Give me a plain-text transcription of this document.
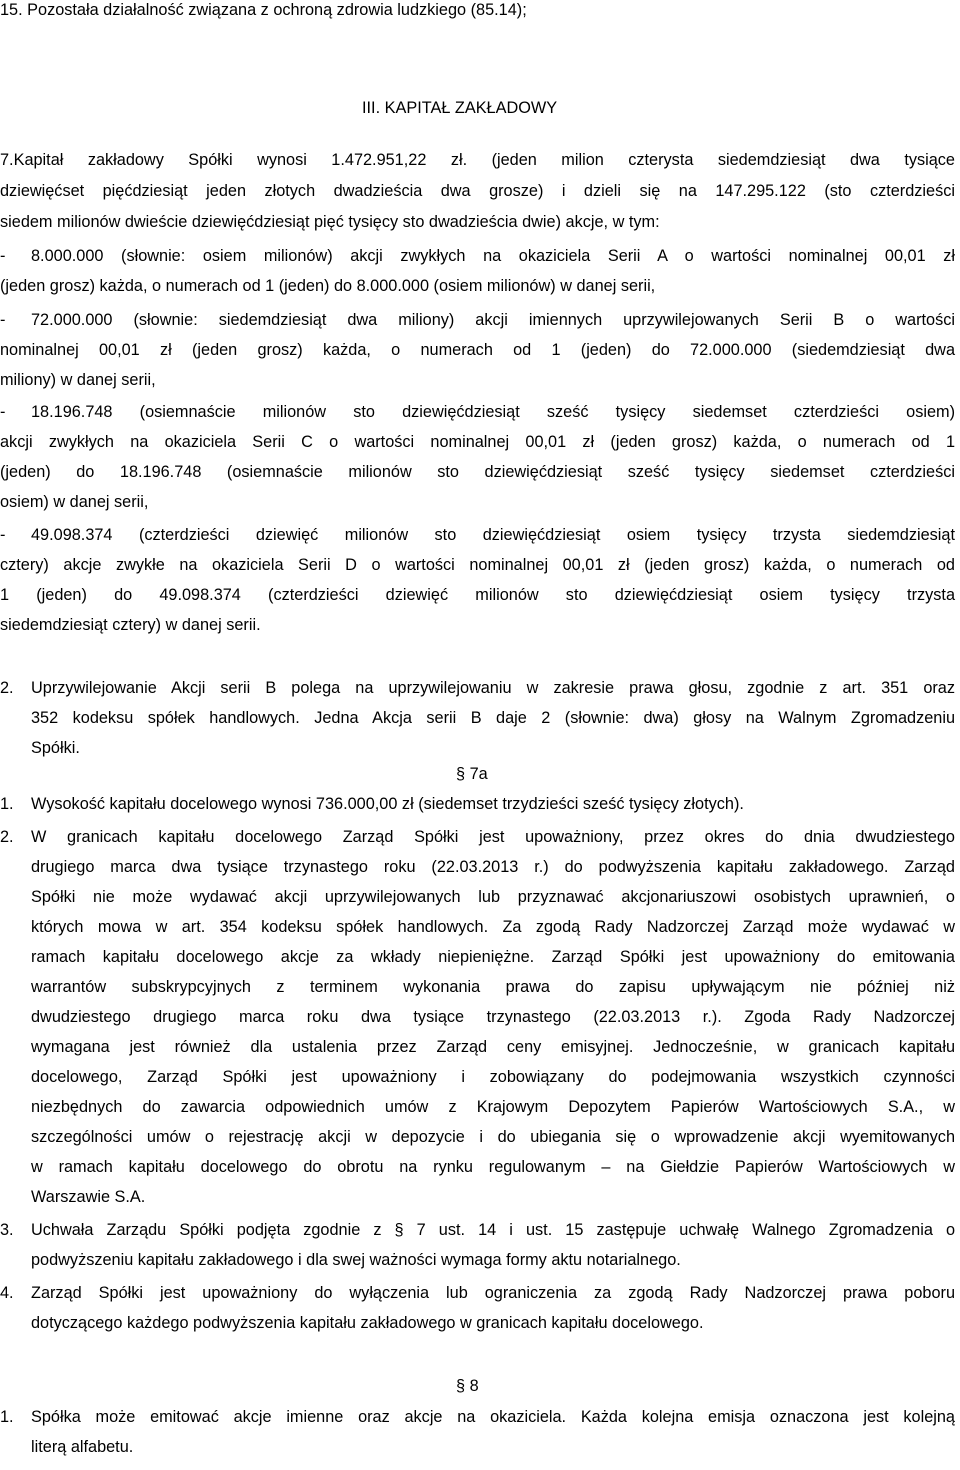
15. Pozostała działalność związana z ochroną zdrowia ludzkiego (85.14);
III. KAPITAŁ ZAKŁADOWY
7.Kapitał zakładowy Spółki wynosi 1.472.951,22 zł. (jeden milion czterysta siedemdziesiąt dwa tysiące
dziewięćset pięćdziesiąt jeden złotych dwadzieścia dwa grosze) i dzieli się na 147.295.122 (sto czterdzieści
siedem milionów dwieście dziewięćdziesiąt pięć tysięcy sto dwadzieścia dwie) akcje, w tym:
- 8.000.000 (słownie: osiem milionów) akcji zwykłych na okaziciela Serii A o wartości nominalnej 00,01 zł
(jeden grosz) każda, o numerach od 1 (jeden) do 8.000.000 (osiem milionów) w danej serii,
- 72.000.000 (słownie: siedemdziesiąt dwa miliony) akcji imiennych uprzywilejowanych Serii B o wartości
nominalnej 00,01 zł (jeden grosz) każda, o numerach od 1 (jeden) do 72.000.000 (siedemdziesiąt dwa
miliony) w danej serii,
- 18.196.748 (osiemnaście milionów sto dziewięćdziesiąt sześć tysięcy siedemset czterdzieści osiem)
akcji zwykłych na okaziciela Serii C o wartości nominalnej 00,01 zł (jeden grosz) każda, o numerach od 1
(jeden) do 18.196.748 (osiemnaście milionów sto dziewięćdziesiąt sześć tysięcy siedemset czterdzieści
osiem) w danej serii,
- 49.098.374 (czterdzieści dziewięć milionów sto dziewięćdziesiąt osiem tysięcy trzysta siedemdziesiąt
cztery) akcje zwykłe na okaziciela Serii D o wartości nominalnej 00,01 zł (jeden grosz) każda, o numerach od
1 (jeden) do 49.098.374 (czterdzieści dziewięć milionów sto dziewięćdziesiąt osiem tysięcy trzysta
siedemdziesiąt cztery) w danej serii.
2. Uprzywilejowanie Akcji serii B polega na uprzywilejowaniu w zakresie prawa głosu, zgodnie z art. 351 oraz
352 kodeksu spółek handlowych. Jedna Akcja serii B daje 2 (słownie: dwa) głosy na Walnym Zgromadzeniu
Spółki.
§ 7a
1. Wysokość kapitału docelowego wynosi 736.000,00 zł (siedemset trzydzieści sześć tysięcy złotych).
2. W granicach kapitału docelowego Zarząd Spółki jest upoważniony, przez okres do dnia dwudziestego
drugiego marca dwa tysiące trzynastego roku (22.03.2013 r.) do podwyższenia kapitału zakładowego. Zarząd
Spółki nie może wydawać akcji uprzywilejowanych lub przyznawać akcjonariuszowi osobistych uprawnień, o
których mowa w art. 354 kodeksu spółek handlowych. Za zgodą Rady Nadzorczej Zarząd może wydawać w
ramach kapitału docelowego akcje za wkłady niepieniężne. Zarząd Spółki jest upoważniony do emitowania
warrantów subskrypcyjnych z terminem wykonania prawa do zapisu upływającym nie później niż
dwudziestego drugiego marca roku dwa tysiące trzynastego (22.03.2013 r.). Zgoda Rady Nadzorczej
wymagana jest również dla ustalenia przez Zarząd ceny emisyjnej. Jednocześnie, w granicach kapitału
docelowego, Zarząd Spółki jest upoważniony i zobowiązany do podejmowania wszystkich czynności
niezbędnych do zawarcia odpowiednich umów z Krajowym Depozytem Papierów Wartościowych S.A., w
szczególności umów o rejestrację akcji w depozycie i do ubiegania się o wprowadzenie akcji wyemitowanych
w ramach kapitału docelowego do obrotu na rynku regulowanym – na Giełdzie Papierów Wartościowych w
Warszawie S.A.
3. Uchwała Zarządu Spółki podjęta zgodnie z § 7 ust. 14 i ust. 15 zastępuje uchwałę Walnego Zgromadzenia o
podwyższeniu kapitału zakładowego i dla swej ważności wymaga formy aktu notarialnego.
4. Zarząd Spółki jest upoważniony do wyłączenia lub ograniczenia za zgodą Rady Nadzorczej prawa poboru
dotyczącego każdego podwyższenia kapitału zakładowego w granicach kapitału docelowego.
§ 8
1. Spółka może emitować akcje imienne oraz akcje na okaziciela. Każda kolejna emisja oznaczona jest kolejną
literą alfabetu.
